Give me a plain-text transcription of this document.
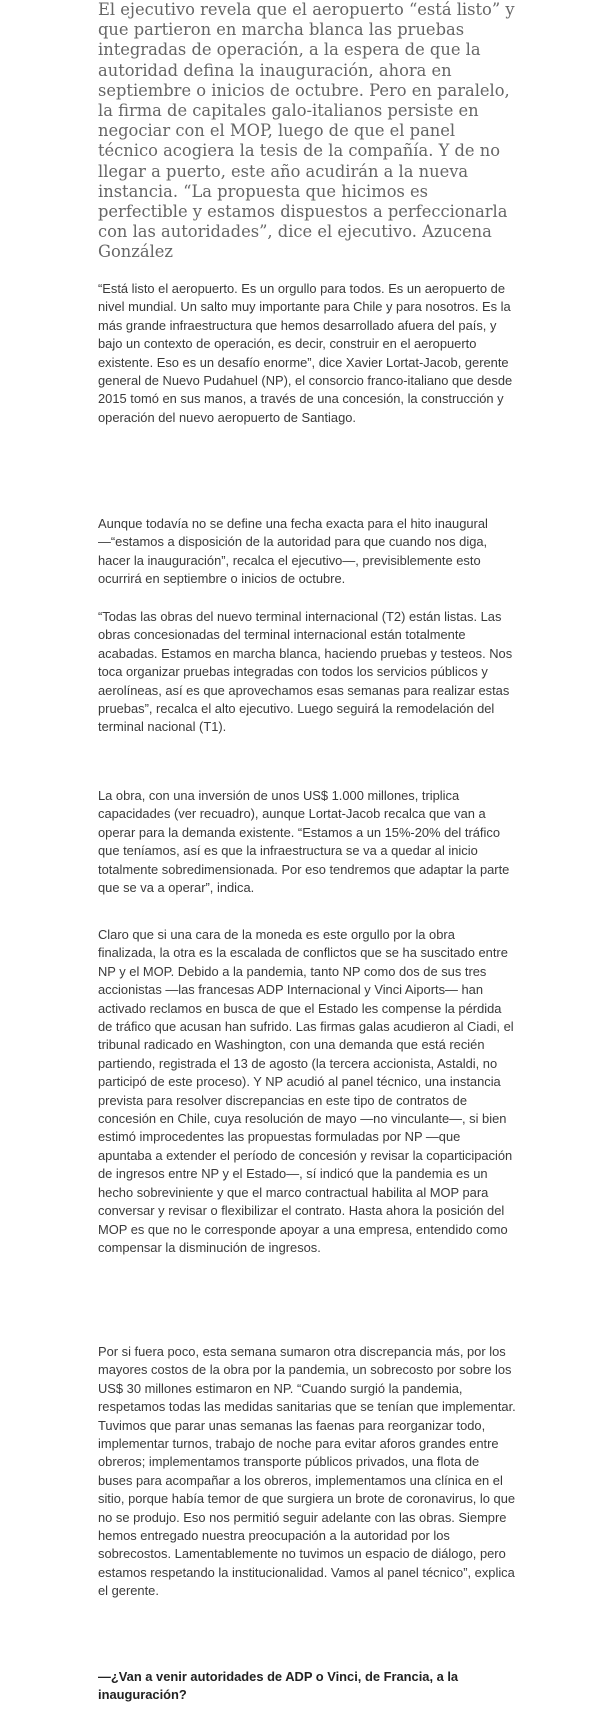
El ejecutivo revela que el aeropuerto “está listo” y que partieron en marcha blanca las pruebas integradas de operación, a la espera de que la autoridad defina la inauguración, ahora en septiembre o inicios de octubre. Pero en paralelo, la firma de capitales galo-italianos persiste en negociar con el MOP, luego de que el panel técnico acogiera la tesis de la compañía. Y de no llegar a puerto, este año acudirán a la nueva instancia. “La propuesta que hicimos es perfectible y estamos dispuestos a perfeccionarla con las autoridades”, dice el ejecutivo. Azucena González

“Está listo el aeropuerto. Es un orgullo para todos. Es un aeropuerto de nivel mundial. Un salto muy importante para Chile y para nosotros. Es la más grande infraestructura que hemos desarrollado afuera del país, y bajo un contexto de operación, es decir, construir en el aeropuerto existente. Eso es un desafío enorme”, dice Xavier Lortat-Jacob, gerente general de Nuevo Pudahuel (NP), el consorcio franco-italiano que desde 2015 tomó en sus manos, a través de una concesión, la construcción y operación del nuevo aeropuerto de Santiago.

Aunque todavía no se define una fecha exacta para el hito inaugural —“estamos a disposición de la autoridad para que cuando nos diga, hacer la inauguración”, recalca el ejecutivo—, previsiblemente esto ocurrirá en septiembre o inicios de octubre.

“Todas las obras del nuevo terminal internacional (T2) están listas. Las obras concesionadas del terminal internacional están totalmente acabadas. Estamos en marcha blanca, haciendo pruebas y testeos. Nos toca organizar pruebas integradas con todos los servicios públicos y aerolíneas, así es que aprovechamos esas semanas para realizar estas pruebas”, recalca el alto ejecutivo. Luego seguirá la remodelación del terminal nacional (T1).

La obra, con una inversión de unos US$ 1.000 millones, triplica capacidades (ver recuadro), aunque Lortat-Jacob recalca que van a operar para la demanda existente. “Estamos a un 15%-20% del tráfico que teníamos, así es que la infraestructura se va a quedar al inicio totalmente sobredimensionada. Por eso tendremos que adaptar la parte que se va a operar”, indica.

Claro que si una cara de la moneda es este orgullo por la obra finalizada, la otra es la escalada de conflictos que se ha suscitado entre NP y el MOP. Debido a la pandemia, tanto NP como dos de sus tres accionistas —las francesas ADP Internacional y Vinci Aiports— han activado reclamos en busca de que el Estado les compense la pérdida de tráfico que acusan han sufrido. Las firmas galas acudieron al Ciadi, el tribunal radicado en Washington, con una demanda que está recién partiendo, registrada el 13 de agosto (la tercera accionista, Astaldi, no participó de este proceso). Y NP acudió al panel técnico, una instancia prevista para resolver discrepancias en este tipo de contratos de concesión en Chile, cuya resolución de mayo —no vinculante—, si bien estimó improcedentes las propuestas formuladas por NP —que apuntaba a extender el período de concesión y revisar la coparticipación de ingresos entre NP y el Estado—, sí indicó que la pandemia es un hecho sobreviniente y que el marco contractual habilita al MOP para conversar y revisar o flexibilizar el contrato. Hasta ahora la posición del MOP es que no le corresponde apoyar a una empresa, entendido como compensar la disminución de ingresos.

Por si fuera poco, esta semana sumaron otra discrepancia más, por los mayores costos de la obra por la pandemia, un sobrecosto por sobre los US$ 30 millones estimaron en NP. “Cuando surgió la pandemia, respetamos todas las medidas sanitarias que se tenían que implementar. Tuvimos que parar unas semanas las faenas para reorganizar todo, implementar turnos, trabajo de noche para evitar aforos grandes entre obreros; implementamos transporte públicos privados, una flota de buses para acompañar a los obreros, implementamos una clínica en el sitio, porque había temor de que surgiera un brote de coronavirus, lo que no se produjo. Eso nos permitió seguir adelante con las obras. Siempre hemos entregado nuestra preocupación a la autoridad por los sobrecostos. Lamentablemente no tuvimos un espacio de diálogo, pero estamos respetando la institucionalidad. Vamos al panel técnico”, explica el gerente.

—¿Van a venir autoridades de ADP o Vinci, de Francia, a la inauguración?
